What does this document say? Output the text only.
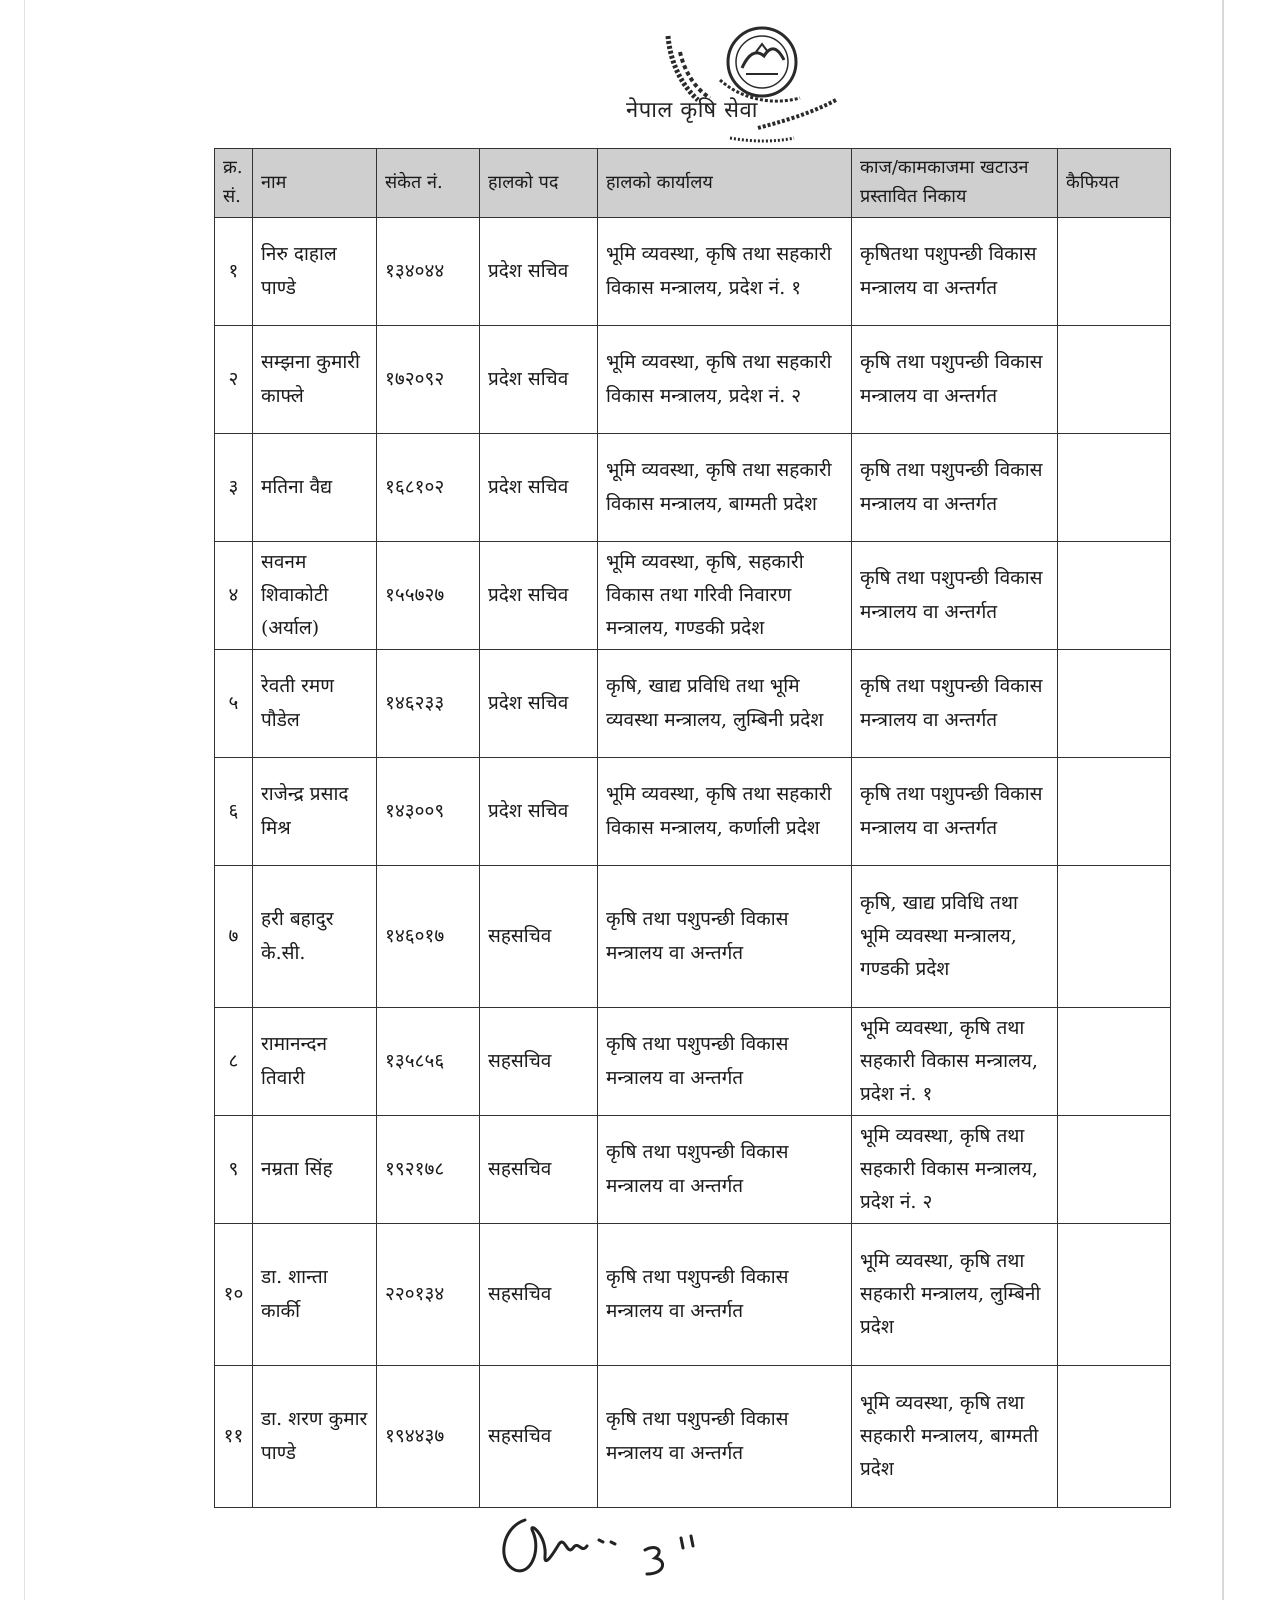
नेपाल कृषि सेवा
क्र. सं.	नाम	संकेत नं.	हालको पद	हालको कार्यालय	काज/कामकाजमा खटाउन प्रस्तावित निकाय	कैफियत
१	निरु दाहाल पाण्डे	१३४०४४	प्रदेश सचिव	भूमि व्यवस्था, कृषि तथा सहकारी विकास मन्त्रालय, प्रदेश नं. १	कृषितथा पशुपन्छी विकास मन्त्रालय वा अन्तर्गत	
२	सम्झना कुमारी काफ्ले	१७२०९२	प्रदेश सचिव	भूमि व्यवस्था, कृषि तथा सहकारी विकास मन्त्रालय, प्रदेश नं. २	कृषि तथा पशुपन्छी विकास मन्त्रालय वा अन्तर्गत	
३	मतिना वैद्य	१६८१०२	प्रदेश सचिव	भूमि व्यवस्था, कृषि तथा सहकारी विकास मन्त्रालय, बाग्मती प्रदेश	कृषि तथा पशुपन्छी विकास मन्त्रालय वा अन्तर्गत	
४	सवनम शिवाकोटी (अर्याल)	१५५७२७	प्रदेश सचिव	भूमि व्यवस्था, कृषि, सहकारी विकास तथा गरिवी निवारण मन्त्रालय, गण्डकी प्रदेश	कृषि तथा पशुपन्छी विकास मन्त्रालय वा अन्तर्गत	
५	रेवती रमण पौडेल	१४६२३३	प्रदेश सचिव	कृषि, खाद्य प्रविधि तथा भूमि व्यवस्था मन्त्रालय, लुम्बिनी प्रदेश	कृषि तथा पशुपन्छी विकास मन्त्रालय वा अन्तर्गत	
६	राजेन्द्र प्रसाद मिश्र	१४३००९	प्रदेश सचिव	भूमि व्यवस्था, कृषि तथा सहकारी विकास मन्त्रालय, कर्णाली प्रदेश	कृषि तथा पशुपन्छी विकास मन्त्रालय वा अन्तर्गत	
७	हरी बहादुर के.सी.	१४६०१७	सहसचिव	कृषि तथा पशुपन्छी विकास मन्त्रालय वा अन्तर्गत	कृषि, खाद्य प्रविधि तथा भूमि व्यवस्था मन्त्रालय, गण्डकी प्रदेश	
८	रामानन्दन तिवारी	१३५८५६	सहसचिव	कृषि तथा पशुपन्छी विकास मन्त्रालय वा अन्तर्गत	भूमि व्यवस्था, कृषि तथा सहकारी विकास मन्त्रालय, प्रदेश नं. १	
९	नम्रता सिंह	१९२१७८	सहसचिव	कृषि तथा पशुपन्छी विकास मन्त्रालय वा अन्तर्गत	भूमि व्यवस्था, कृषि तथा सहकारी विकास मन्त्रालय, प्रदेश नं. २	
१०	डा. शान्ता कार्की	२२०१३४	सहसचिव	कृषि तथा पशुपन्छी विकास मन्त्रालय वा अन्तर्गत	भूमि व्यवस्था, कृषि तथा सहकारी मन्त्रालय, लुम्बिनी प्रदेश	
११	डा. शरण कुमार पाण्डे	१९४४३७	सहसचिव	कृषि तथा पशुपन्छी विकास मन्त्रालय वा अन्तर्गत	भूमि व्यवस्था, कृषि तथा सहकारी मन्त्रालय, बाग्मती प्रदेश	
